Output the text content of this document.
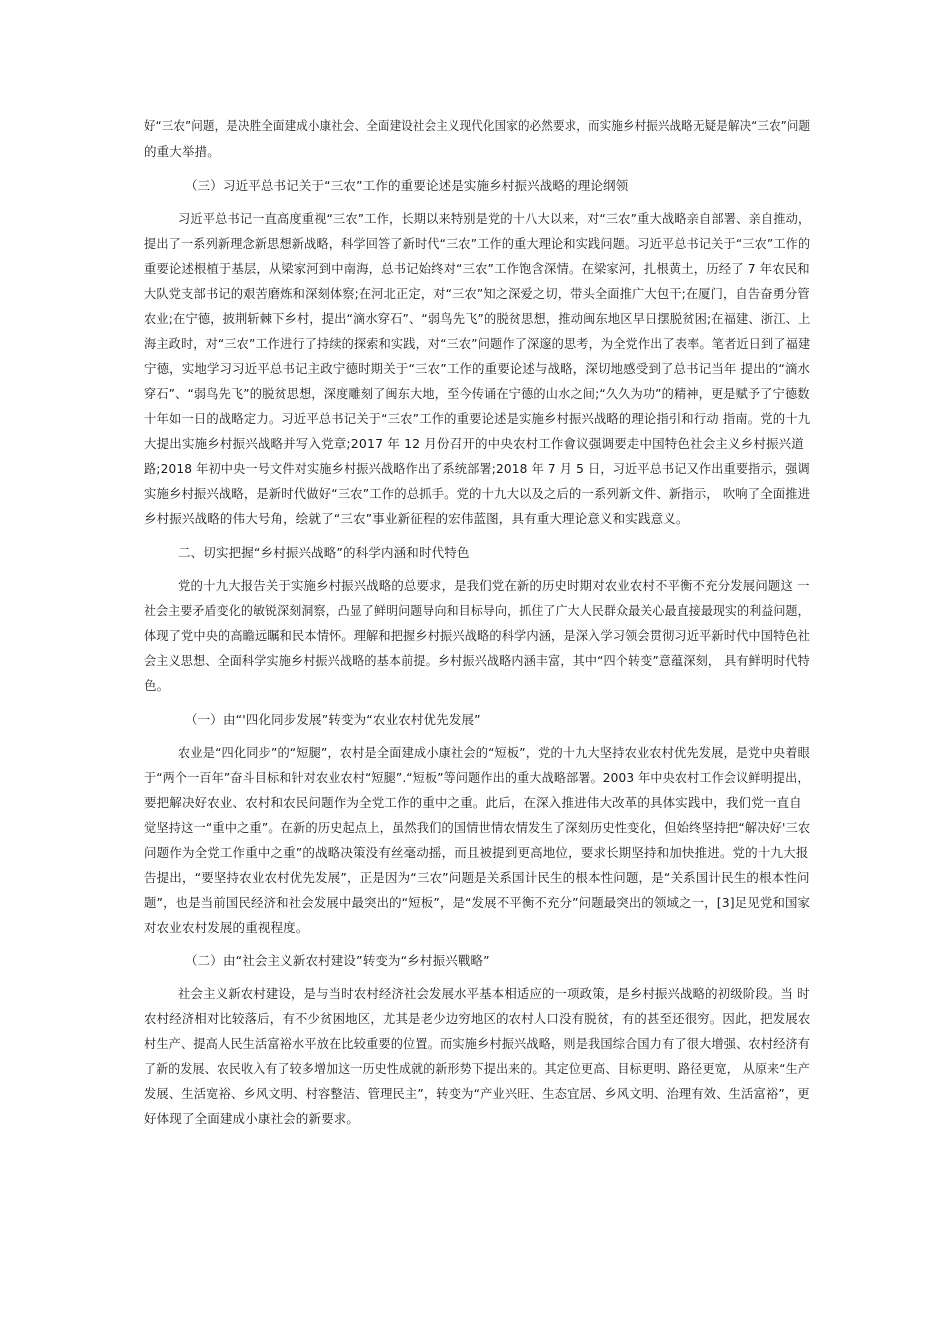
好“三农”问题，是决胜全面建成小康社会、全面建设社会主义现代化国家的必然要求，而实施乡村振兴战略无疑是解决“三农”问题
的重大举措。
（三）习近平总书记关于“三农”工作的重要论述是实施乡村振兴战略的理论纲领
习近平总书记一直高度重视“三农”工作，长期以来特别是党的十八大以来，对“三农”重大战略亲自部署、亲自推动，
提出了一系列新理念新思想新战略，科学回答了新时代“三农”工作的重大理论和实践问题。习近平总书记关于“三农”工作的
重要论述根植于基层，从梁家河到中南海，总书记始终对“三农”工作饱含深情。在梁家河，扎根黄土，历经了 7 年农民和
大队党支部书记的艰苦磨炼和深刻体察;在河北正定，对“三农”知之深爱之切，带头全面推广大包干;在厦门，自告奋勇分管
农业;在宁德，披荆斩棘下乡村，提出“滴水穿石”、“弱鸟先飞”的脱贫思想，推动闽东地区早日摆脱贫困;在福建、浙江、上
海主政时，对“三农”工作进行了持续的探索和实践，对“三农”问题作了深邃的思考，为全党作出了表率。笔者近日到了福建
宁德，实地学习习近平总书记主政宁德时期关于“三农”工作的重要论述与战略，深切地感受到了总书记当年 提出的“滴水
穿石”、“弱鸟先飞”的脱贫思想，深度雕刻了闽东大地，至今传诵在宁德的山水之间;“久久为功”的精神，更是赋予了宁德数
十年如一日的战略定力。习近平总书记关于“三农”工作的重要论述是实施乡村振兴战略的理论指引和行动 指南。党的十九
大提出实施乡村振兴战略并写入党章;2017 年 12 月份召开的中央农村工作會议强调要走中国特色社会主义乡村振兴道
路;2018 年初中央一号文件对实施乡村振兴战略作出了系统部署;2018 年 7 月 5 日，习近平总书记又作出重要指示，强调
实施乡村振兴战略，是新时代做好“三农”工作的总抓手。党的十九大以及之后的一系列新文件、新指示， 吹响了全面推进
乡村振兴战略的伟大号角，绘就了“三农”事业新征程的宏伟蓝图，具有重大理论意义和实践意义。
二、切实把握“乡村振兴战略”的科学内涵和时代特色
党的十九大报告关于实施乡村振兴战略的总要求，是我们党在新的历史时期对农业农村不平衡不充分发展问题这 一
社会主要矛盾变化的敏锐深刻洞察，凸显了鲜明问题导向和目标导向，抓住了广大人民群众最关心最直接最现实的利益问题，
体现了党中央的高瞻远瞩和民本情怀。理解和把握乡村振兴战略的科学内涵，是深入学习领会贯彻习近平新时代中国特色社
会主义思想、全面科学实施乡村振兴战略的基本前提。乡村振兴战略内涵丰富，其中“四个转变”意蕴深刻， 具有鲜明时代特
色。
（一）由“'四化同步发展”转变为“农业农村优先发展”
农业是“四化同步”的“短腿”，农村是全面建成小康社会的“短板”，党的十九大坚持农业农村优先发展，是党中央着眼
于“两个一百年”奋斗目标和针对农业农村“短腿”.“短板”等问题作出的重大战略部署。2003 年中央农村工作会议鲜明提出，
要把解决好农业、农村和农民问题作为全党工作的重中之重。此后，在深入推进伟大改革的具体实践中，我们党一直自
觉坚持这一“重中之重”。在新的历史起点上，虽然我们的国情世情农情发生了深刻历史性变化，但始终坚持把“解决好'三农
问题作为全党工作重中之重”的战略决策没有丝毫动摇，而且被提到更高地位，要求长期坚持和加快推进。党的十九大报
告提出，“要坚持农业农村优先发展”，正是因为“三农”问题是关系国计民生的根本性问题，是“关系国计民生的根本性问
题”，也是当前国民经济和社会发展中最突出的“短板”，是“发展不平衡不充分”问题最突出的领域之一，[3]足见党和国家
对农业农村发展的重视程度。
（二）由“社会主义新农村建设”转变为“乡村振兴戰略”
社会主义新农村建设，是与当时农村经济社会发展水平基本相适应的一项政策，是乡村振兴战略的初级阶段。当 时
农村经济相对比较落后，有不少贫困地区，尤其是老少边穷地区的农村人口没有脱贫，有的甚至还很穷。因此，把发展农
村生产、提高人民生活富裕水平放在比较重要的位置。而实施乡村振兴战略，则是我国综合国力有了很大增强、农村经济有
了新的发展、农民收入有了较多增加这一历史性成就的新形势下提出来的。其定位更高、目标更明、路径更宽， 从原来“生产
发展、生活宽裕、乡风文明、村容整洁、管理民主”，转变为“产业兴旺、生态宜居、乡风文明、治理有效、生活富裕”，更
好体现了全面建成小康社会的新要求。
